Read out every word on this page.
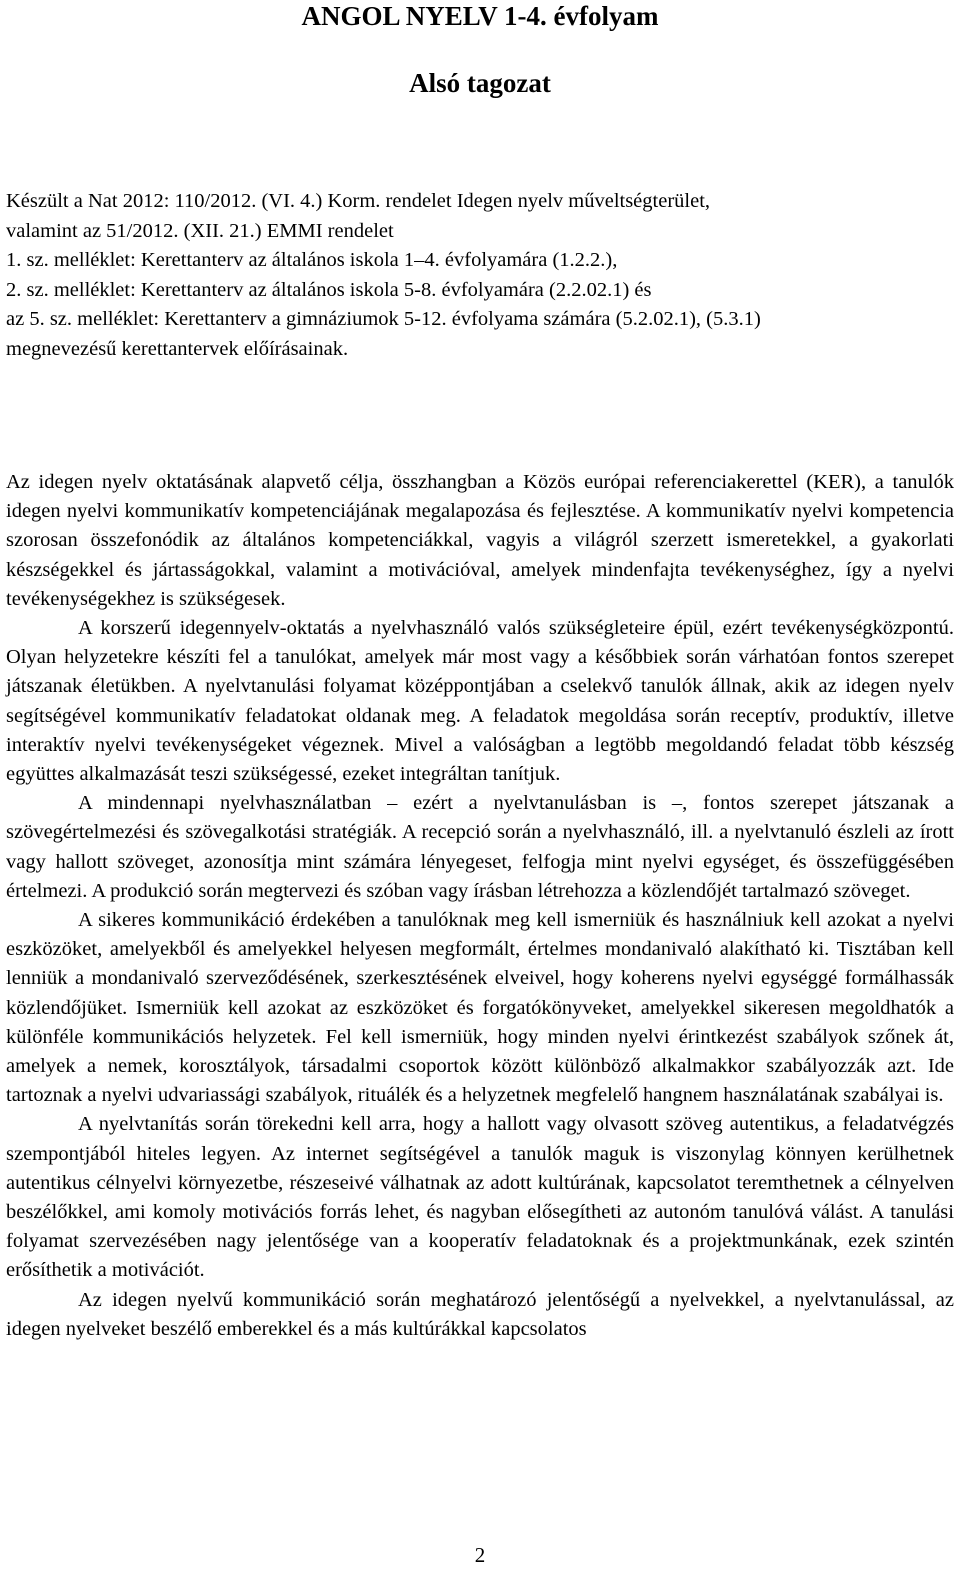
ANGOL NYELV 1-4. évfolyam
Alsó tagozat
Készült a Nat 2012: 110/2012. (VI. 4.) Korm. rendelet Idegen nyelv műveltségterület,
valamint az 51/2012. (XII. 21.) EMMI rendelet
1. sz. melléklet: Kerettanterv az általános iskola 1–4. évfolyamára (1.2.2.),
2. sz. melléklet: Kerettanterv az általános iskola 5-8. évfolyamára (2.2.02.1) és
az 5. sz. melléklet: Kerettanterv a gimnáziumok 5-12. évfolyama számára (5.2.02.1), (5.3.1)
megnevezésű kerettantervek előírásainak.

Az idegen nyelv oktatásának alapvető célja, összhangban a Közös európai referenciakerettel (KER), a tanulók idegen nyelvi kommunikatív kompetenciájának megalapozása és fejlesztése. A kommunikatív nyelvi kompetencia szorosan összefonódik az általános kompetenciákkal, vagyis a világról szerzett ismeretekkel, a gyakorlati készségekkel és jártasságokkal, valamint a motivációval, amelyek mindenfajta tevékenységhez, így a nyelvi tevékenységekhez is szükségesek.

A korszerű idegennyelv-oktatás a nyelvhasználó valós szükségleteire épül, ezért tevékenységközpontú. Olyan helyzetekre készíti fel a tanulókat, amelyek már most vagy a későbbiek során várhatóan fontos szerepet játszanak életükben. A nyelvtanulási folyamat középpontjában a cselekvő tanulók állnak, akik az idegen nyelv segítségével kommunikatív feladatokat oldanak meg. A feladatok megoldása során receptív, produktív, illetve interaktív nyelvi tevékenységeket végeznek. Mivel a valóságban a legtöbb megoldandó feladat több készség együttes alkalmazását teszi szükségessé, ezeket integráltan tanítjuk.

A mindennapi nyelvhasználatban – ezért a nyelvtanulásban is –, fontos szerepet játszanak a szövegértelmezési és szövegalkotási stratégiák. A recepció során a nyelvhasználó, ill. a nyelvtanuló észleli az írott vagy hallott szöveget, azonosítja mint számára lényegeset, felfogja mint nyelvi egységet, és összefüggésében értelmezi. A produkció során megtervezi és szóban vagy írásban létrehozza a közlendőjét tartalmazó szöveget.

A sikeres kommunikáció érdekében a tanulóknak meg kell ismerniük és használniuk kell azokat a nyelvi eszközöket, amelyekből és amelyekkel helyesen megformált, értelmes mondanivaló alakítható ki. Tisztában kell lenniük a mondanivaló szerveződésének, szerkesztésének elveivel, hogy koherens nyelvi egységgé formálhassák közlendőjüket. Ismerniük kell azokat az eszközöket és forgatókönyveket, amelyekkel sikeresen megoldhatók a különféle kommunikációs helyzetek. Fel kell ismerniük, hogy minden nyelvi érintkezést szabályok szőnek át, amelyek a nemek, korosztályok, társadalmi csoportok között különböző alkalmakkor szabályozzák azt. Ide tartoznak a nyelvi udvariassági szabályok, rituálék és a helyzetnek megfelelő hangnem használatának szabályai is.

A nyelvtanítás során törekedni kell arra, hogy a hallott vagy olvasott szöveg autentikus, a feladatvégzés szempontjából hiteles legyen. Az internet segítségével a tanulók maguk is viszonylag könnyen kerülhetnek autentikus célnyelvi környezetbe, részeseivé válhatnak az adott kultúrának, kapcsolatot teremthetnek a célnyelven beszélőkkel, ami komoly motivációs forrás lehet, és nagyban elősegítheti az autonóm tanulóvá válást. A tanulási folyamat szervezésében nagy jelentősége van a kooperatív feladatoknak és a projektmunkának, ezek szintén erősíthetik a motivációt.

Az idegen nyelvű kommunikáció során meghatározó jelentőségű a nyelvekkel, a nyelvtanulással, az idegen nyelveket beszélő emberekkel és a más kultúrákkal kapcsolatos

2
